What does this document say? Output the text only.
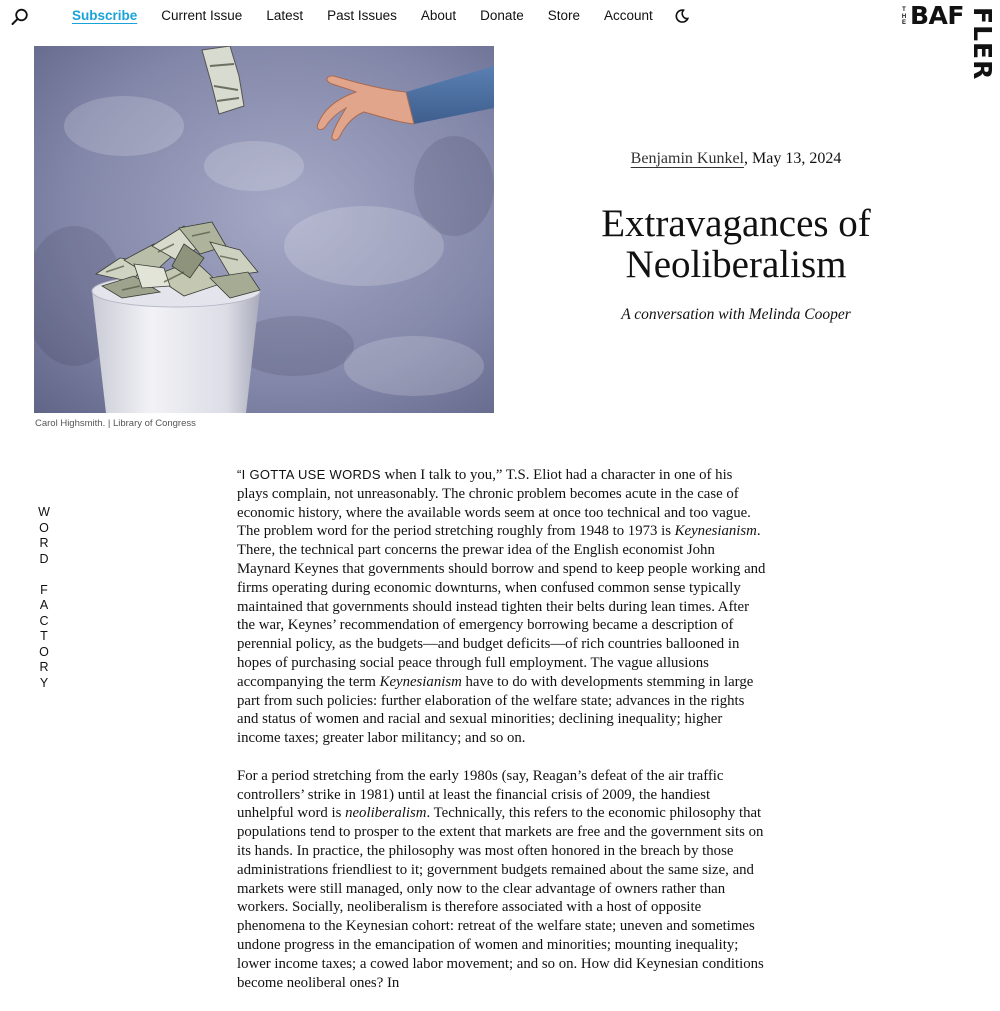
Subscribe Current Issue Latest Past Issues About Donate Store Account	THE BAF FLER
Carol Highsmith. | Library of Congress
Benjamin Kunkel, May 13, 2024
Extravagances of
Neoliberalism
A conversation with Melinda Cooper
W
O
R
D
F
A
C
T
O
R
Y

“I GOTTA USE WORDS when I talk to you,” T.S. Eliot had a character in one of his plays complain, not unreasonably. The chronic problem becomes acute in the case of economic history, where the available words seem at once too technical and too vague. The problem word for the period stretching roughly from 1948 to 1973 is Keynesianism. There, the technical part concerns the prewar idea of the English economist John Maynard Keynes that governments should borrow and spend to keep people working and firms operating during economic downturns, when confused common sense typically maintained that governments should instead tighten their belts during lean times. After the war, Keynes’ recommendation of emergency borrowing became a description of perennial policy, as the budgets—and budget deficits—of rich countries ballooned in hopes of purchasing social peace through full employment. The vague allusions accompanying the term Keynesianism have to do with developments stemming in large part from such policies: further elaboration of the welfare state; advances in the rights and status of women and racial and sexual minorities; declining inequality; higher income taxes; greater labor militancy; and so on.

For a period stretching from the early 1980s (say, Reagan’s defeat of the air traffic controllers’ strike in 1981) until at least the financial crisis of 2009, the handiest unhelpful word is neoliberalism. Technically, this refers to the economic philosophy that populations tend to prosper to the extent that markets are free and the government sits on its hands. In practice, the philosophy was most often honored in the breach by those administrations friendliest to it; government budgets remained about the same size, and markets were still managed, only now to the clear advantage of owners rather than workers. Socially, neoliberalism is therefore associated with a host of opposite phenomena to the Keynesian cohort: retreat of the welfare state; uneven and sometimes undone progress in the emancipation of women and minorities; mounting inequality; lower income taxes; a cowed labor movement; and so on. How did Keynesian conditions become neoliberal ones? In
